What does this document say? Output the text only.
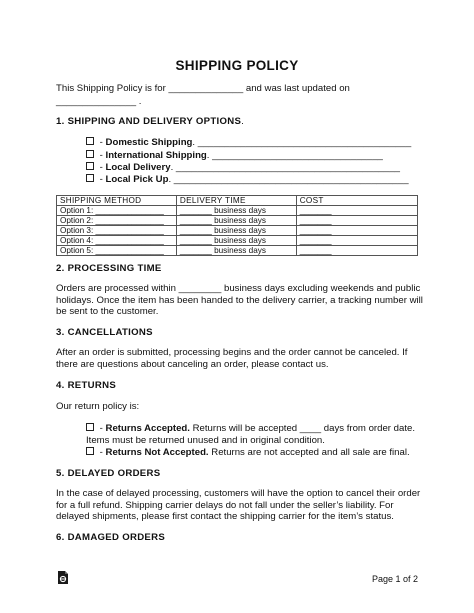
SHIPPING POLICY
This Shipping Policy is for ______________ and was last updated on
_______________ .
1. SHIPPING AND DELIVERY OPTIONS.
- Domestic Shipping. ________________________________________
- International Shipping. ________________________________
- Local Delivery. __________________________________________
- Local Pick Up. ____________________________________________
SHIPPING METHOD	DELIVERY TIME	COST
Option 1: _______________	_______ business days	_______
Option 2: _______________	_______ business days	_______
Option 3: _______________	_______ business days	_______
Option 4: _______________	_______ business days	_______
Option 5: _______________	_______ business days	_______
2. PROCESSING TIME
Orders are processed within ________ business days excluding weekends and public holidays. Once the item has been handed to the delivery carrier, a tracking number will be sent to the customer.
3. CANCELLATIONS
After an order is submitted, processing begins and the order cannot be canceled. If there are questions about canceling an order, please contact us.
4. RETURNS
Our return policy is:
- Returns Accepted. Returns will be accepted ____ days from order date.
Items must be returned unused and in original condition.
- Returns Not Accepted. Returns are not accepted and all sale are final.
5. DELAYED ORDERS
In the case of delayed processing, customers will have the option to cancel their order for a full refund. Shipping carrier delays do not fall under the seller’s liability. For delayed shipments, please first contact the shipping carrier for the item’s status.
6. DAMAGED ORDERS
Page 1 of 2
